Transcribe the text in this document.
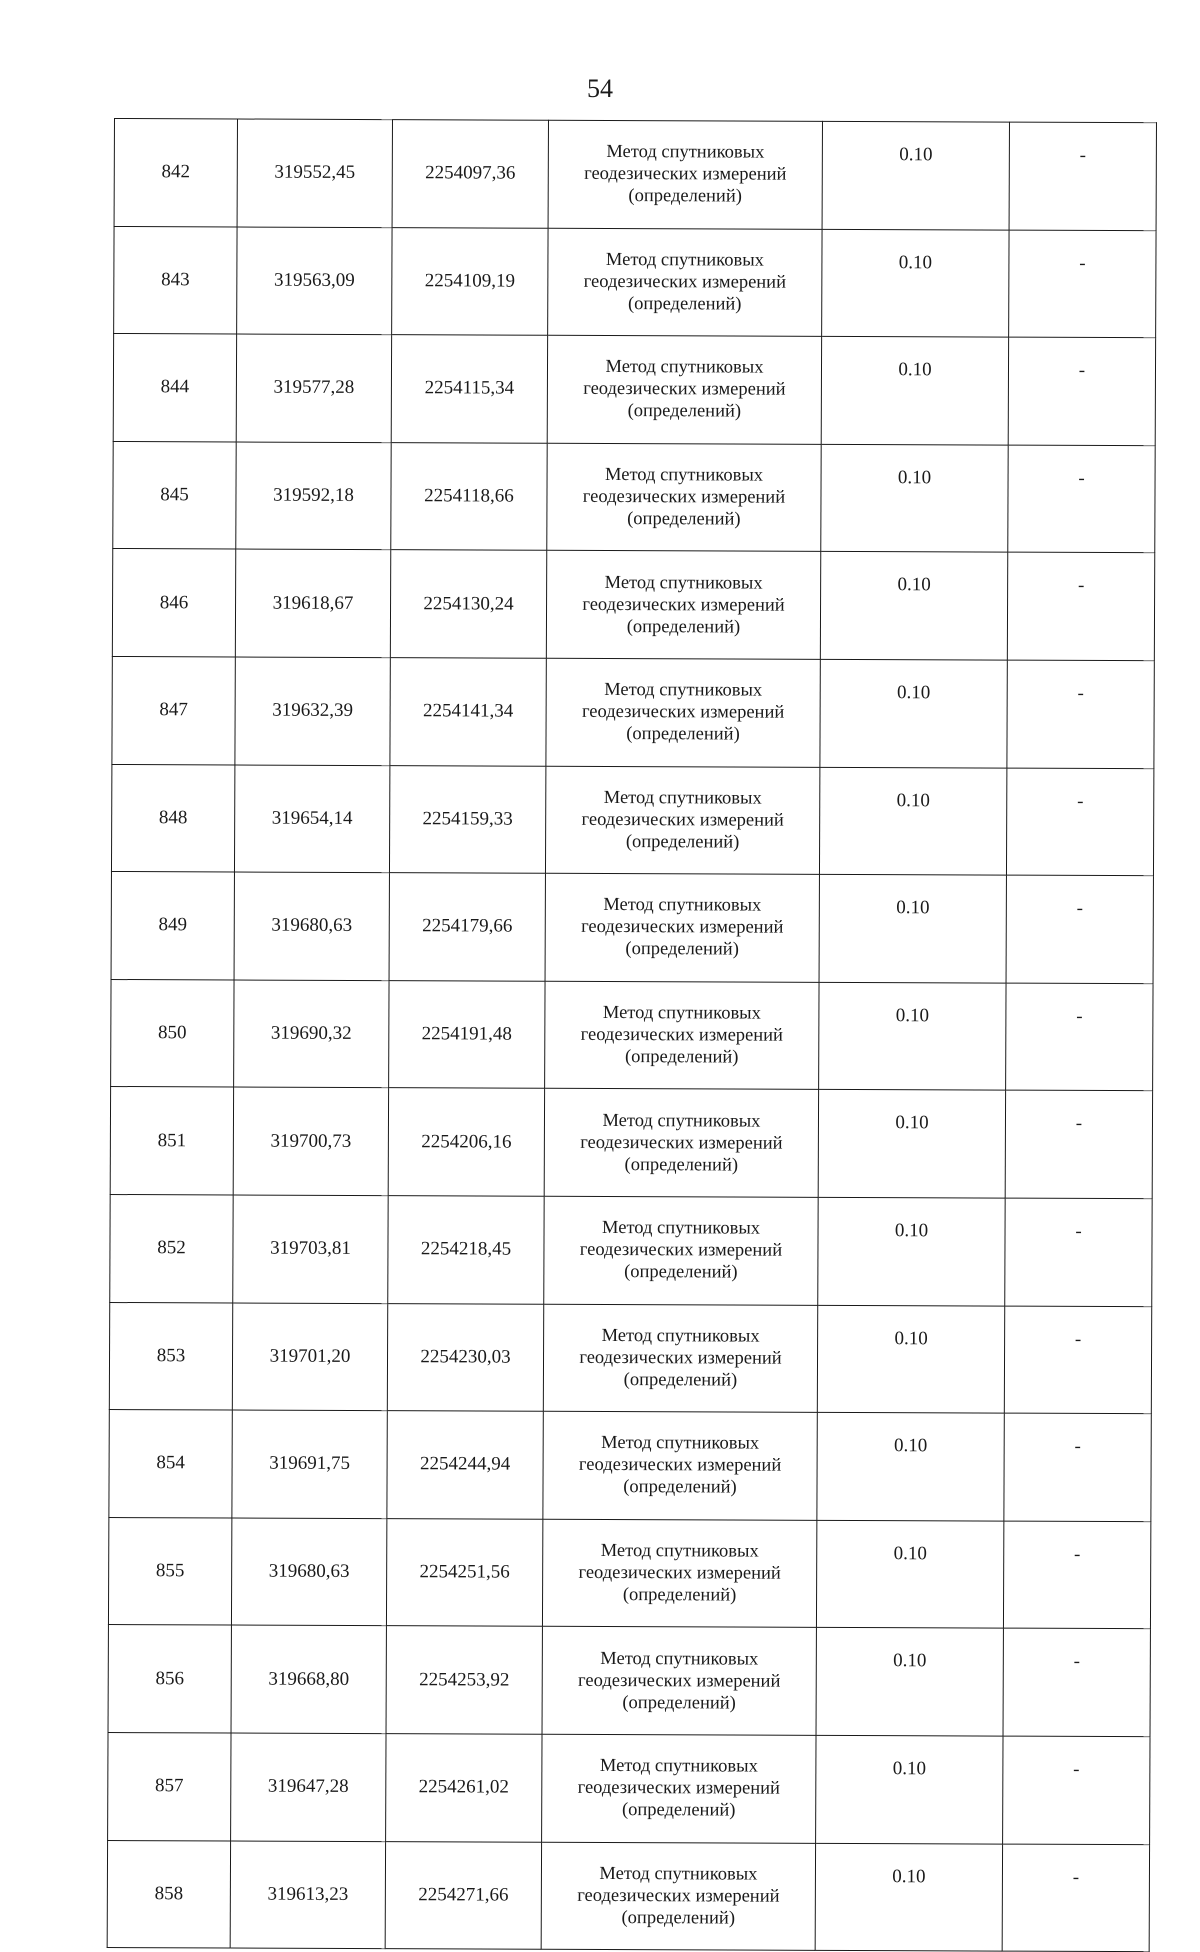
54
842	319552,45	2254097,36	Метод спутниковых
геодезических измерений
(определений)	0.10	-
843	319563,09	2254109,19	Метод спутниковых
геодезических измерений
(определений)	0.10	-
844	319577,28	2254115,34	Метод спутниковых
геодезических измерений
(определений)	0.10	-
845	319592,18	2254118,66	Метод спутниковых
геодезических измерений
(определений)	0.10	-
846	319618,67	2254130,24	Метод спутниковых
геодезических измерений
(определений)	0.10	-
847	319632,39	2254141,34	Метод спутниковых
геодезических измерений
(определений)	0.10	-
848	319654,14	2254159,33	Метод спутниковых
геодезических измерений
(определений)	0.10	-
849	319680,63	2254179,66	Метод спутниковых
геодезических измерений
(определений)	0.10	-
850	319690,32	2254191,48	Метод спутниковых
геодезических измерений
(определений)	0.10	-
851	319700,73	2254206,16	Метод спутниковых
геодезических измерений
(определений)	0.10	-
852	319703,81	2254218,45	Метод спутниковых
геодезических измерений
(определений)	0.10	-
853	319701,20	2254230,03	Метод спутниковых
геодезических измерений
(определений)	0.10	-
854	319691,75	2254244,94	Метод спутниковых
геодезических измерений
(определений)	0.10	-
855	319680,63	2254251,56	Метод спутниковых
геодезических измерений
(определений)	0.10	-
856	319668,80	2254253,92	Метод спутниковых
геодезических измерений
(определений)	0.10	-
857	319647,28	2254261,02	Метод спутниковых
геодезических измерений
(определений)	0.10	-
858	319613,23	2254271,66	Метод спутниковых
геодезических измерений
(определений)	0.10	-
